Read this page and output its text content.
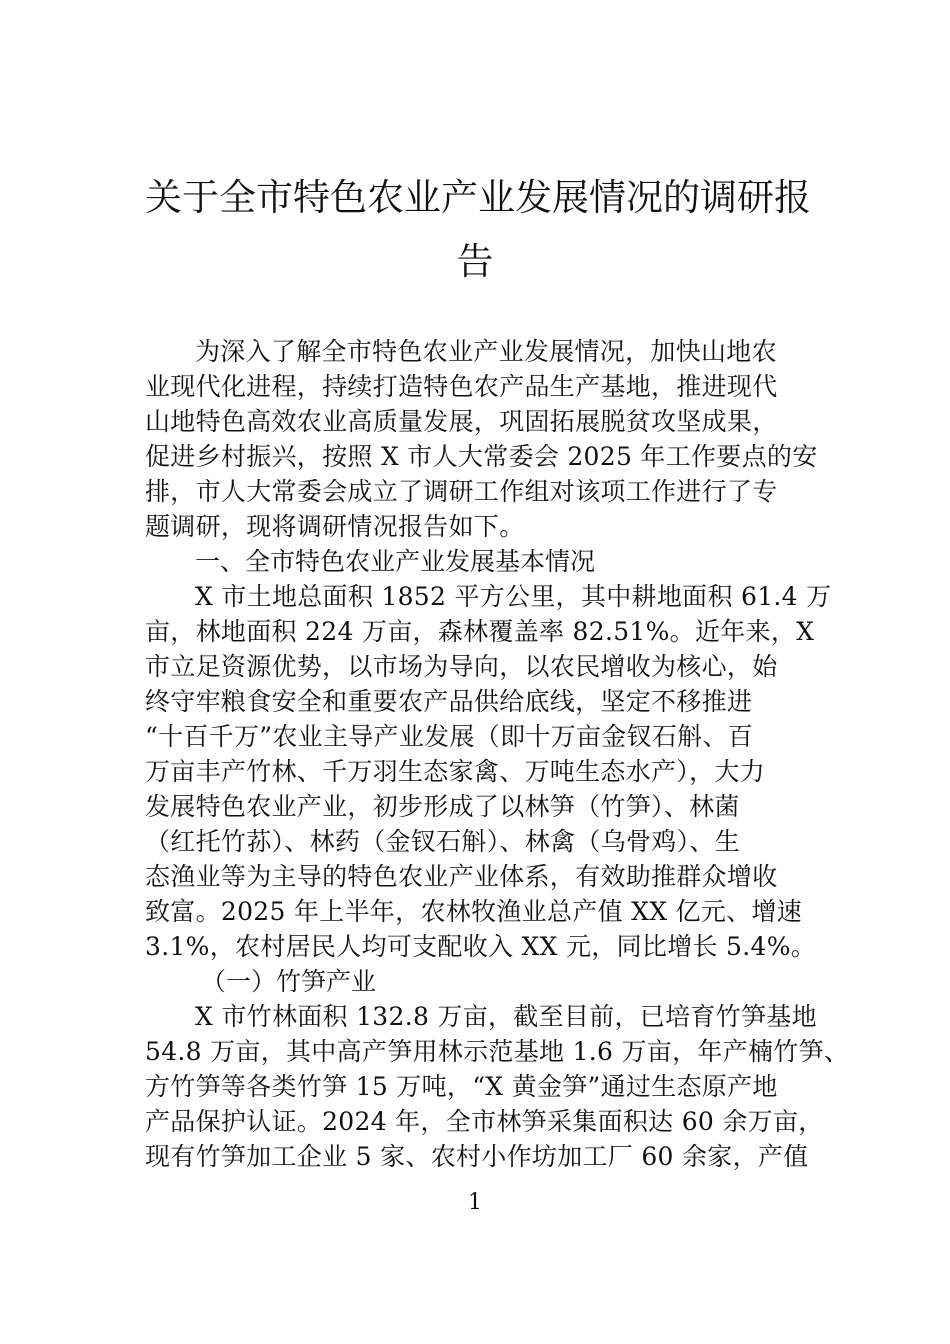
关于全市特色农业产业发展情况的调研报
告

为深入了解全市特色农业产业发展情况，加快山地农
业现代化进程，持续打造特色农产品生产基地，推进现代
山地特色高效农业高质量发展，巩固拓展脱贫攻坚成果，
促进乡村振兴，按照 X 市人大常委会 2025 年工作要点的安
排，市人大常委会成立了调研工作组对该项工作进行了专
题调研，现将调研情况报告如下。

一、全市特色农业产业发展基本情况

X 市土地总面积 1852 平方公里，其中耕地面积 61.4 万
亩，林地面积 224 万亩，森林覆盖率 82.51%。近年来，X
市立足资源优势，以市场为导向，以农民增收为核心，始
终守牢粮食安全和重要农产品供给底线，坚定不移推进
“十百千万”农业主导产业发展（即十万亩金钗石斛、百
万亩丰产竹林、千万羽生态家禽、万吨生态水产），大力
发展特色农业产业，初步形成了以林笋（竹笋）、林菌
（红托竹荪）、林药（金钗石斛）、林禽（乌骨鸡）、生
态渔业等为主导的特色农业产业体系，有效助推群众增收
致富。2025 年上半年，农林牧渔业总产值 XX 亿元、增速
3.1%，农村居民人均可支配收入 XX 元，同比增长 5.4%。

（一）竹笋产业

X 市竹林面积 132.8 万亩，截至目前，已培育竹笋基地
54.8 万亩，其中高产笋用林示范基地 1.6 万亩，年产楠竹笋、
方竹笋等各类竹笋 15 万吨，“X 黄金笋”通过生态原产地
产品保护认证。2024 年，全市林笋采集面积达 60 余万亩，
现有竹笋加工企业 5 家、农村小作坊加工厂 60 余家，产值

1
